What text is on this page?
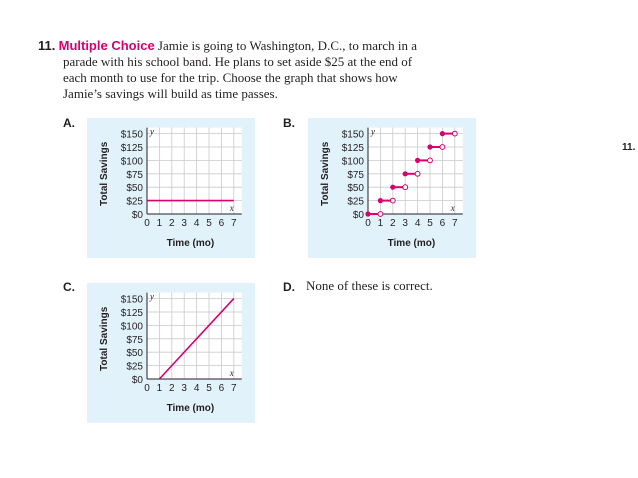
11. Multiple Choice Jamie is going to Washington, D.C., to march in a
parade with his school band. He plans to set aside $25 at the end of
each month to use for the trip. Choose the graph that shows how
Jamie’s savings will build as time passes.
A.	B.
C.	D. None of these is correct.
11.
$0
$25
$50
$75
$100
$125
$150
0 1 2 3 4 5 6 7
x
y
Time (mo)
Total Savings
$0
$25
$50
$75
$100
$125
$150
0 1 2 3 4 5 6 7
x
y
Time (mo)
Total Savings
$0
$25
$50
$75
$100
$125
$150
0 1 2 3 4 5 6 7
x
y
Time (mo)
Total Savings
